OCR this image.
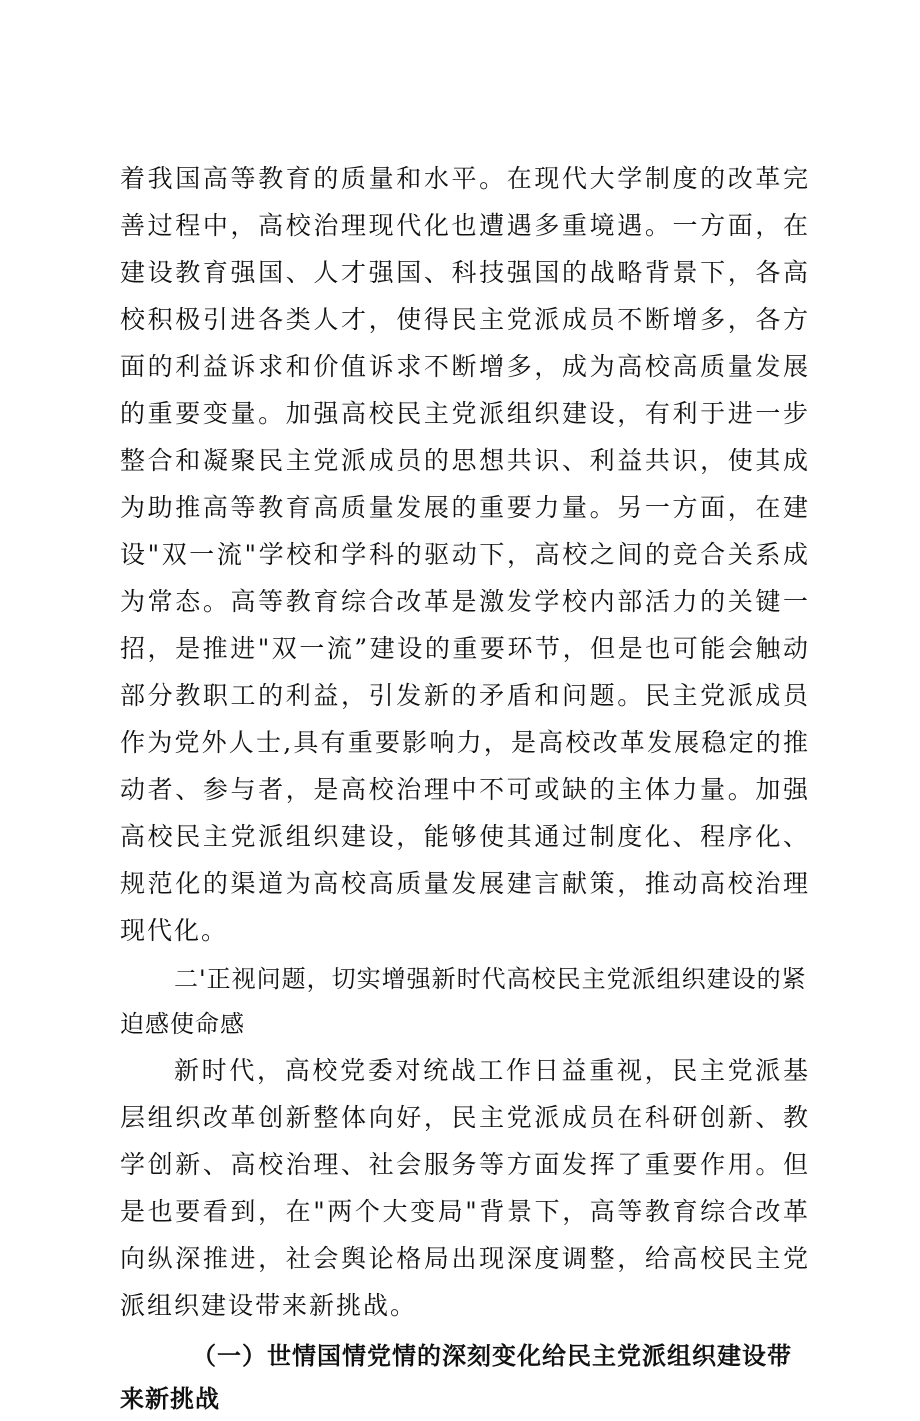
着我国高等教育的质量和水平。在现代大学制度的改革完善过程中，高校治理现代化也遭遇多重境遇。一方面，在建设教育强国、人才强国、科技强国的战略背景下，各高校积极引进各类人才，使得民主党派成员不断增多，各方面的利益诉求和价值诉求不断增多，成为高校高质量发展的重要变量。加强高校民主党派组织建设，有利于进一步整合和凝聚民主党派成员的思想共识、利益共识，使其成为助推高等教育高质量发展的重要力量。另一方面，在建设"双一流"学校和学科的驱动下，高校之间的竞合关系成为常态。高等教育综合改革是激发学校内部活力的关键一招，是推进"双一流”建设的重要环节，但是也可能会触动部分教职工的利益，引发新的矛盾和问题。民主党派成员作为党外人士,具有重要影响力，是高校改革发展稳定的推动者、参与者，是高校治理中不可或缺的主体力量。加强高校民主党派组织建设，能够使其通过制度化、程序化、规范化的渠道为高校高质量发展建言献策，推动高校治理现代化。

二'正视问题，切实增强新时代高校民主党派组织建设的紧迫感使命感

新时代，高校党委对统战工作日益重视，民主党派基层组织改革创新整体向好，民主党派成员在科研创新、教学创新、高校治理、社会服务等方面发挥了重要作用。但是也要看到，在"两个大变局"背景下，高等教育综合改革向纵深推进，社会舆论格局出现深度调整，给高校民主党派组织建设带来新挑战。

（一）世情国情党情的深刻变化给民主党派组织建设带来新挑战
